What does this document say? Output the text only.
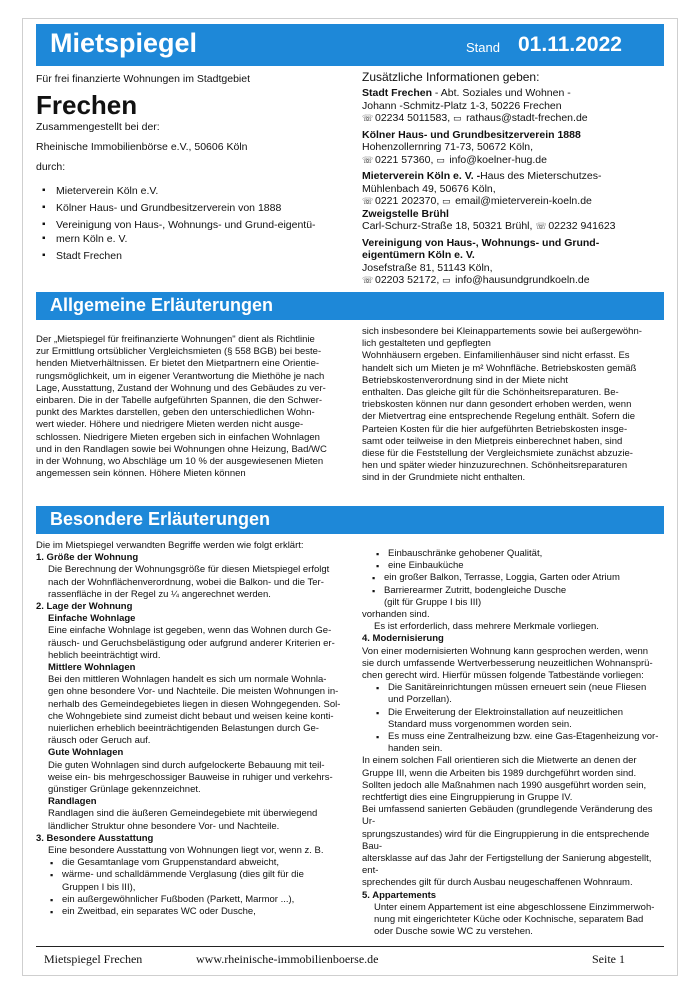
Mietspiegel	Stand 01.11.2022
Für frei finanzierte Wohnungen im Stadtgebiet
Frechen
Zusammengestellt bei der:
Rheinische Immobilienbörse e.V., 50606 Köln
durch:
▪ Mieterverein Köln e.V.
▪ Kölner Haus- und Grundbesitzerverein von 1888
▪ Vereinigung von Haus-, Wohnungs- und Grund-eigentü-
▪ mern Köln e. V.
▪ Stadt Frechen
Zusätzliche Informationen geben:
Stadt Frechen - Abt. Soziales und Wohnen -
Johann -Schmitz-Platz 1-3, 50226 Frechen
☏ 02234 5011583, ▭ rathaus@stadt-frechen.de
Kölner Haus- und Grundbesitzerverein 1888
Hohenzollernring 71-73, 50672 Köln,
☏ 0221 57360, ▭ info@koelner-hug.de
Mieterverein Köln e. V. -Haus des Mieterschutzes-
Mühlenbach 49, 50676 Köln,
☏ 0221 202370, ▭ email@mieterverein-koeln.de
Zweigstelle Brühl
Carl-Schurz-Straße 18, 50321 Brühl, ☏ 02232 941623
Vereinigung von Haus-, Wohnungs- und Grund-
eigentümern Köln e. V.
Josefstraße 81, 51143 Köln,
☏ 02203 52172, ▭ info@hausundgrundkoeln.de
Allgemeine Erläuterungen
Der „Mietspiegel für freifinanzierte Wohnungen" dient als Richtlinie
zur Ermittlung ortsüblicher Vergleichsmieten (§ 558 BGB) bei beste-
henden Mietverhältnissen. Er bietet den Mietpartnern eine Orientie-
rungsmöglichkeit, um in eigener Verantwortung die Miethöhe je nach
Lage, Ausstattung, Zustand der Wohnung und des Gebäudes zu ver-
einbaren. Die in der Tabelle aufgeführten Spannen, die den Schwer-
punkt des Marktes darstellen, geben den unterschiedlichen Wohn-
wert wieder. Höhere und niedrigere Mieten werden nicht ausge-
schlossen. Niedrigere Mieten ergeben sich in einfachen Wohnlagen
und in den Randlagen sowie bei Wohnungen ohne Heizung, Bad/WC
in der Wohnung, wo Abschläge um 10 % der ausgewiesenen Mieten
angemessen sein können. Höhere Mieten können
sich insbesondere bei Kleinappartements sowie bei außergewöhn-
lich gestalteten und gepflegten
Wohnhäusern ergeben. Einfamilienhäuser sind nicht erfasst. Es
handelt sich um Mieten je m² Wohnfläche. Betriebskosten gemäß
Betriebskostenverordnung sind in der Miete nicht
enthalten. Das gleiche gilt für die Schönheitsreparaturen. Be-
triebskosten können nur dann gesondert erhoben werden, wenn
der Mietvertrag eine entsprechende Regelung enthält. Sofern die
Parteien Kosten für die hier aufgeführten Betriebskosten insge-
samt oder teilweise in den Mietpreis einberechnet haben, sind
diese für die Feststellung der Vergleichsmiete zunächst abzuzie-
hen und später wieder hinzuzurechnen. Schönheitsreparaturen
sind in der Grundmiete nicht enthalten.
Besondere Erläuterungen
Die im Mietspiegel verwandten Begriffe werden wie folgt erklärt:
1. Größe der Wohnung
Die Berechnung der Wohnungsgröße für diesen Mietspiegel erfolgt
nach der Wohnflächenverordnung, wobei die Balkon- und die Ter-
rassenfläche in der Regel zu ¼ angerechnet werden.
2. Lage der Wohnung
Einfache Wohnlage
Eine einfache Wohnlage ist gegeben, wenn das Wohnen durch Ge-
räusch- und Geruchsbelästigung oder aufgrund anderer Kriterien er-
heblich beeinträchtigt wird.
Mittlere Wohnlagen
Bei den mittleren Wohnlagen handelt es sich um normale Wohnla-
gen ohne besondere Vor- und Nachteile. Die meisten Wohnungen in-
nerhalb des Gemeindegebietes liegen in diesen Wohngegenden. Sol-
che Wohngebiete sind zumeist dicht bebaut und weisen keine konti-
nuierlichen erheblich beeinträchtigenden Belastungen durch Ge-
räusch oder Geruch auf.
Gute Wohnlagen
Die guten Wohnlagen sind durch aufgelockerte Bebauung mit teil-
weise ein- bis mehrgeschossiger Bauweise in ruhiger und verkehrs-
günstiger Grünlage gekennzeichnet.
Randlagen
Randlagen sind die äußeren Gemeindegebiete mit überwiegend
ländlicher Struktur ohne besondere Vor- und Nachteile.
3. Besondere Ausstattung
Eine besondere Ausstattung von Wohnungen liegt vor, wenn z. B.
▪ die Gesamtanlage vom Gruppenstandard abweicht,
▪ wärme- und schalldämmende Verglasung (dies gilt für die
Gruppen I bis III),
▪ ein außergewöhnlicher Fußboden (Parkett, Marmor ...),
▪ ein Zweitbad, ein separates WC oder Dusche,
▪ Einbauschränke gehobener Qualität,
▪ eine Einbauküche
▪ ein großer Balkon, Terrasse, Loggia, Garten oder Atrium
▪ Barrierearmer Zutritt, bodengleiche Dusche
(gilt für Gruppe I bis III)
vorhanden sind.
Es ist erforderlich, dass mehrere Merkmale vorliegen.
4. Modernisierung
Von einer modernisierten Wohnung kann gesprochen werden, wenn
sie durch umfassende Wertverbesserung neuzeitlichen Wohnansprü-
chen gerecht wird. Hierfür müssen folgende Tatbestände vorliegen:
▪ Die Sanitäreinrichtungen müssen erneuert sein (neue Fliesen
und Porzellan).
▪ Die Erweiterung der Elektroinstallation auf neuzeitlichen
Standard muss vorgenommen worden sein.
▪ Es muss eine Zentralheizung bzw. eine Gas-Etagenheizung vor-
handen sein.
In einem solchen Fall orientieren sich die Mietwerte an denen der
Gruppe III, wenn die Arbeiten bis 1989 durchgeführt worden sind.
Sollten jedoch alle Maßnahmen nach 1990 ausgeführt worden sein,
rechtfertigt dies eine Eingruppierung in Gruppe IV.
Bei umfassend sanierten Gebäuden (grundlegende Veränderung des Ur-
sprungszustandes) wird für die Eingruppierung in die entsprechende Bau-
altersklasse auf das Jahr der Fertigstellung der Sanierung abgestellt, ent-
sprechendes gilt für durch Ausbau neugeschaffenen Wohnraum.
5. Appartements
Unter einem Appartement ist eine abgeschlossene Einzimmerwoh-
nung mit eingerichteter Küche oder Kochnische, separatem Bad
oder Dusche sowie WC zu verstehen.
Mietspiegel Frechen	www.rheinische-immobilienboerse.de	Seite 1
